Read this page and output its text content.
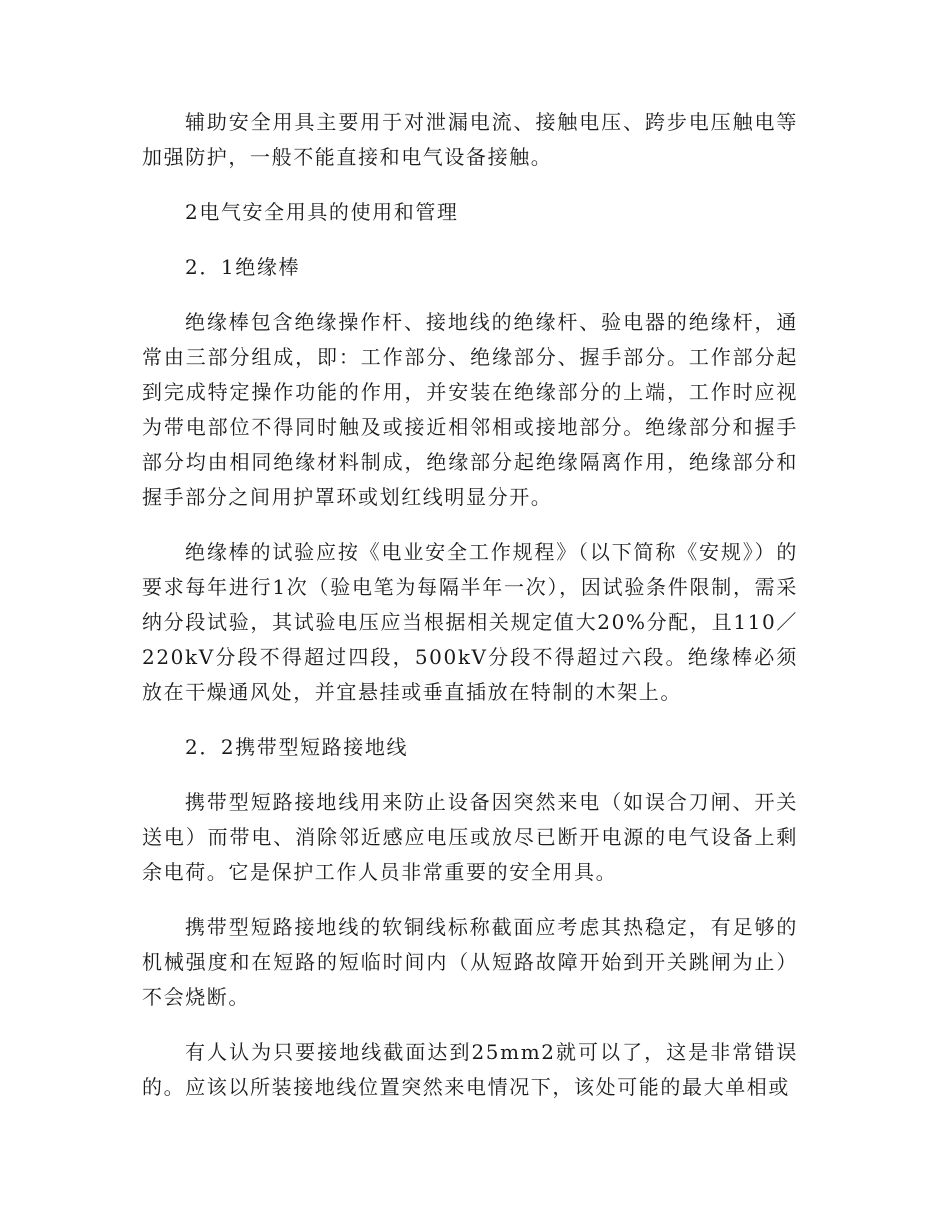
辅助安全用具主要用于对泄漏电流、接触电压、跨步电压触电等加强防护，一般不能直接和电气设备接触。

2电气安全用具的使用和管理

2．1绝缘棒

绝缘棒包含绝缘操作杆、接地线的绝缘杆、验电器的绝缘杆，通常由三部分组成，即：工作部分、绝缘部分、握手部分。工作部分起到完成特定操作功能的作用，并安装在绝缘部分的上端，工作时应视为带电部位不得同时触及或接近相邻相或接地部分。绝缘部分和握手部分均由相同绝缘材料制成，绝缘部分起绝缘隔离作用，绝缘部分和握手部分之间用护罩环或划红线明显分开。

绝缘棒的试验应按《电业安全工作规程》（以下简称《安规》）的要求每年进行1次（验电笔为每隔半年一次），因试验条件限制，需采纳分段试验，其试验电压应当根据相关规定值大20%分配，且110／220kV分段不得超过四段，500kV分段不得超过六段。绝缘棒必须放在干燥通风处，并宜悬挂或垂直插放在特制的木架上。

2．2携带型短路接地线

携带型短路接地线用来防止设备因突然来电（如误合刀闸、开关送电）而带电、消除邻近感应电压或放尽已断开电源的电气设备上剩余电荷。它是保护工作人员非常重要的安全用具。

携带型短路接地线的软铜线标称截面应考虑其热稳定，有足够的机械强度和在短路的短临时间内（从短路故障开始到开关跳闸为止）不会烧断。

有人认为只要接地线截面达到25mm2就可以了，这是非常错误的。应该以所装接地线位置突然来电情况下，该处可能的最大单相或
